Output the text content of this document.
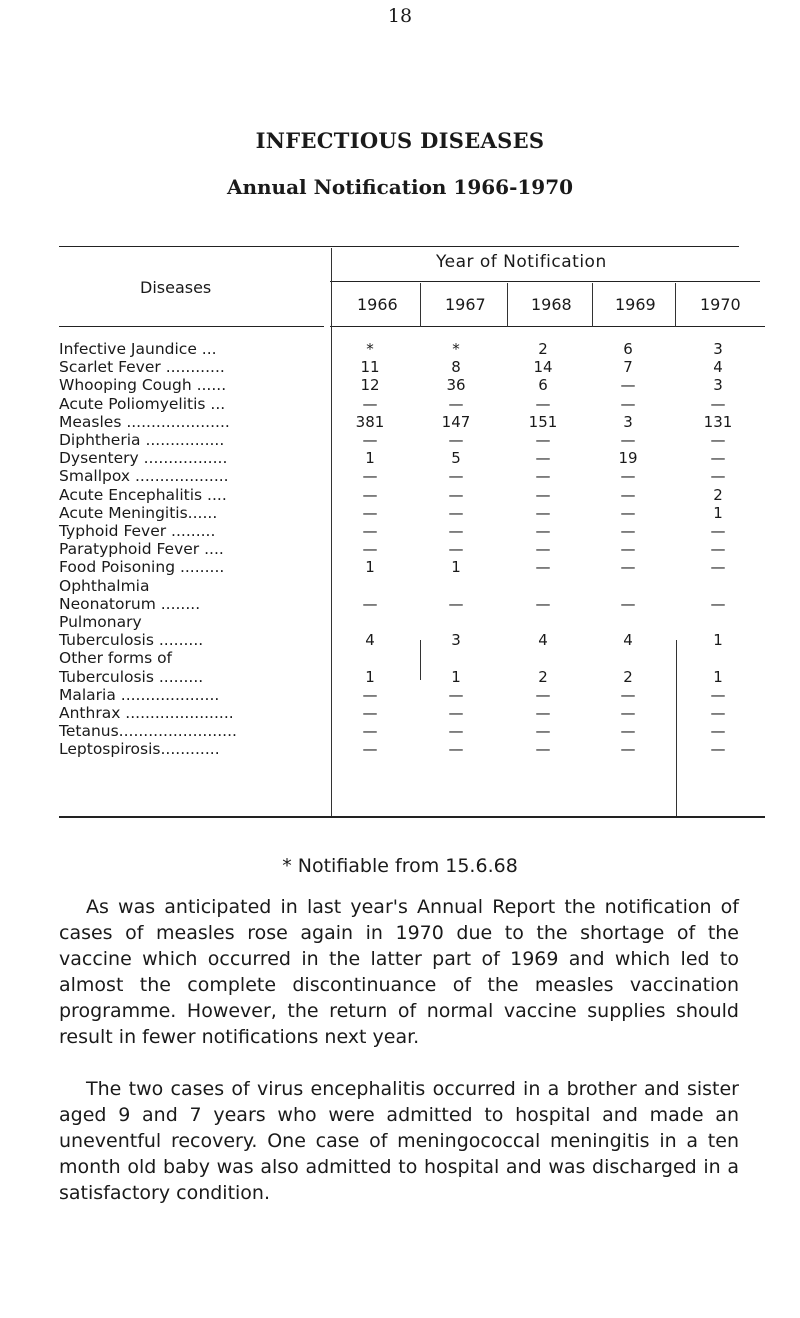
18
INFECTIOUS DISEASES
Annual Notification 1966-1970
Diseases
Year of Notification
1966	1967	1968	1969	1970
Infective Jaundice ...	*	*	2	6	3
Scarlet Fever ............	11	8	14	7	4
Whooping Cough ......	12	36	6	—	3
Acute Poliomyelitis ...	—	—	—	—	—
Measles .....................	381	147	151	3	131
Diphtheria ................	—	—	—	—	—
Dysentery .................	1	5	—	19	—
Smallpox ...................	—	—	—	—	—
Acute Encephalitis ....	—	—	—	—	2
Acute Meningitis......	—	—	—	—	1
Typhoid Fever .........	—	—	—	—	—
Paratyphoid Fever ....	—	—	—	—	—
Food Poisoning .........	1	1	—	—	—
Ophthalmia
Neonatorum ........	—	—	—	—	—
Pulmonary
Tuberculosis .........	4	3	4	4	1
Other forms of
Tuberculosis .........	1	1	2	2	1
Malaria ....................	—	—	—	—	—
Anthrax ......................	—	—	—	—	—
Tetanus........................	—	—	—	—	—
Leptospirosis............	—	—	—	—	—
* Notifiable from 15.6.68

As was anticipated in last year's Annual Report the notification of cases of measles rose again in 1970 due to the shortage of the vaccine which occurred in the latter part of 1969 and which led to almost the complete discontinuance of the measles vaccination programme. However, the return of normal vaccine supplies should result in fewer notifications next year.

The two cases of virus encephalitis occurred in a brother and sister aged 9 and 7 years who were admitted to hospital and made an uneventful recovery. One case of meningococcal meningitis in a ten month old baby was also admitted to hospital and was discharged in a satisfactory condition.
